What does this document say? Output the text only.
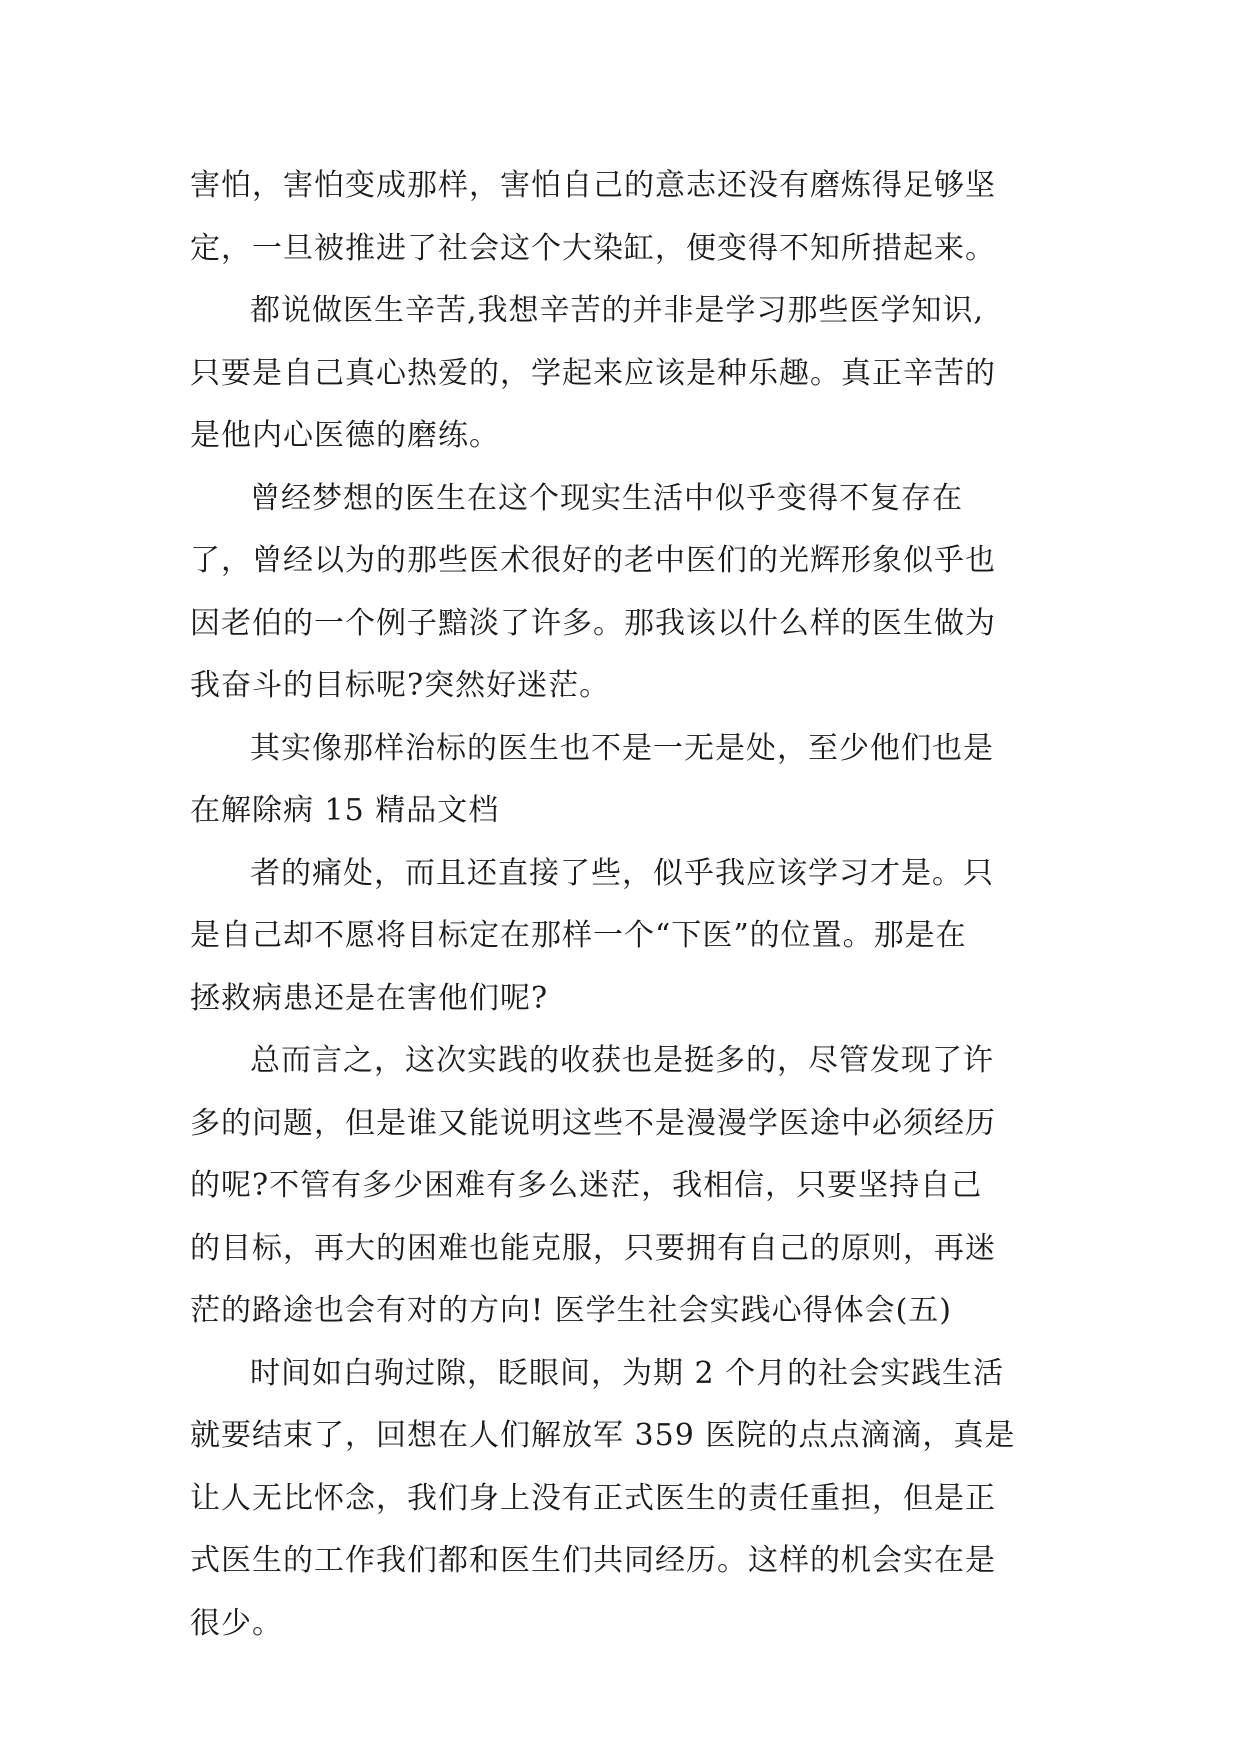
害怕，害怕变成那样，害怕自己的意志还没有磨炼得足够坚
定，一旦被推进了社会这个大染缸，便变得不知所措起来。
都说做医生辛苦,我想辛苦的并非是学习那些医学知识,
只要是自己真心热爱的，学起来应该是种乐趣。真正辛苦的
是他内心医德的磨练。
曾经梦想的医生在这个现实生活中似乎变得不复存在
了，曾经以为的那些医术很好的老中医们的光辉形象似乎也
因老伯的一个例子黯淡了许多。那我该以什么样的医生做为
我奋斗的目标呢?突然好迷茫。
其实像那样治标的医生也不是一无是处，至少他们也是
在解除病 15 精品文档
者的痛处，而且还直接了些，似乎我应该学习才是。只
是自己却不愿将目标定在那样一个“下医”的位置。那是在
拯救病患还是在害他们呢?
总而言之，这次实践的收获也是挺多的，尽管发现了许
多的问题，但是谁又能说明这些不是漫漫学医途中必须经历
的呢?不管有多少困难有多么迷茫，我相信，只要坚持自己
的目标，再大的困难也能克服，只要拥有自己的原则，再迷
茫的路途也会有对的方向! 医学生社会实践心得体会(五)
时间如白驹过隙，眨眼间，为期 2 个月的社会实践生活
就要结束了，回想在人们解放军 359 医院的点点滴滴，真是
让人无比怀念，我们身上没有正式医生的责任重担，但是正
式医生的工作我们都和医生们共同经历。这样的机会实在是
很少。
